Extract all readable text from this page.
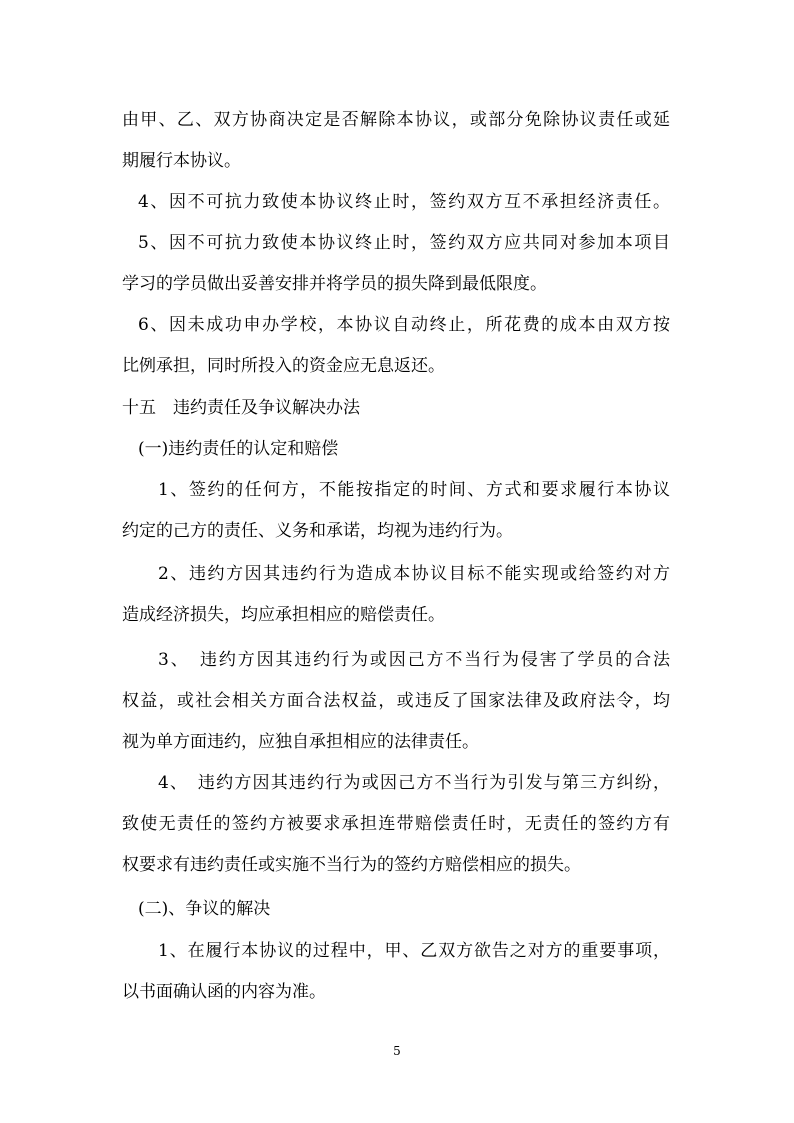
由甲、乙、双方协商决定是否解除本协议，或部分免除协议责任或延
期履行本协议。
4、因不可抗力致使本协议终止时，签约双方互不承担经济责任。
5、因不可抗力致使本协议终止时，签约双方应共同对参加本项目
学习的学员做出妥善安排并将学员的损失降到最低限度。
6、因未成功申办学校，本协议自动终止，所花费的成本由双方按
比例承担，同时所投入的资金应无息返还。
十五　违约责任及争议解决办法
(一)违约责任的认定和赔偿
1、签约的任何方，不能按指定的时间、方式和要求履行本协议
约定的己方的责任、义务和承诺，均视为违约行为。
2、违约方因其违约行为造成本协议目标不能实现或给签约对方
造成经济损失，均应承担相应的赔偿责任。
3、　违约方因其违约行为或因己方不当行为侵害了学员的合法
权益，或社会相关方面合法权益，或违反了国家法律及政府法令，均
视为单方面违约，应独自承担相应的法律责任。
4、　违约方因其违约行为或因己方不当行为引发与第三方纠纷，
致使无责任的签约方被要求承担连带赔偿责任时，无责任的签约方有
权要求有违约责任或实施不当行为的签约方赔偿相应的损失。
(二)、争议的解决
1、在履行本协议的过程中，甲、乙双方欲告之对方的重要事项，
以书面确认函的内容为准。
5
